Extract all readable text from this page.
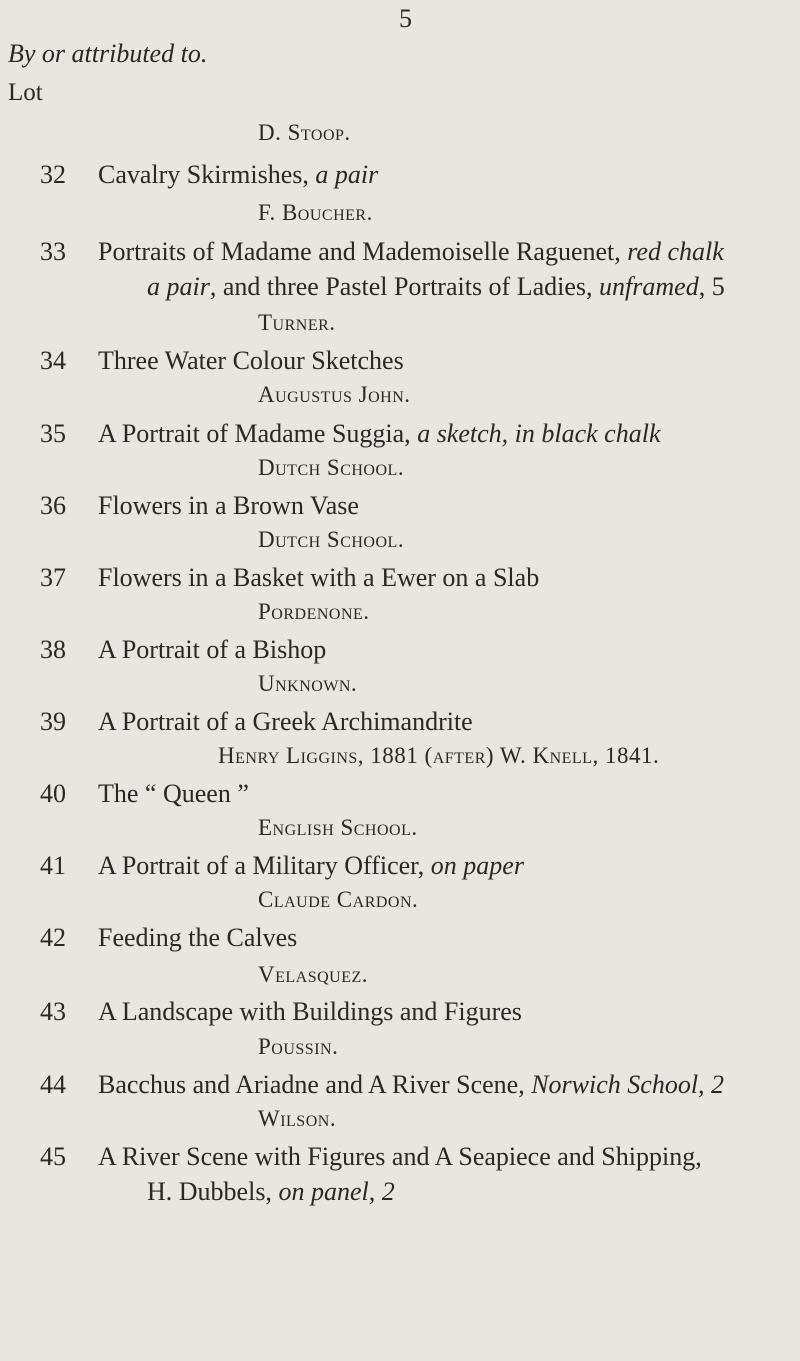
5
By or attributed to.
Lot
D. Stoop.
32 Cavalry Skirmishes, a pair
F. Boucher.
33 Portraits of Madame and Mademoiselle Raguenet, red chalk
a pair, and three Pastel Portraits of Ladies, unframed, 5
Turner.
34 Three Water Colour Sketches
Augustus John.
35 A Portrait of Madame Suggia, a sketch, in black chalk
Dutch School.
36 Flowers in a Brown Vase
Dutch School.
37 Flowers in a Basket with a Ewer on a Slab
Pordenone.
38 A Portrait of a Bishop
Unknown.
39 A Portrait of a Greek Archimandrite
Henry Liggins, 1881 (after) W. Knell, 1841.
40 The “ Queen ”
English School.
41 A Portrait of a Military Officer, on paper
Claude Cardon.
42 Feeding the Calves
Velasquez.
43 A Landscape with Buildings and Figures
Poussin.
44 Bacchus and Ariadne and A River Scene, Norwich School, 2
Wilson.
45 A River Scene with Figures and A Seapiece and Shipping,
H. Dubbels, on panel, 2
